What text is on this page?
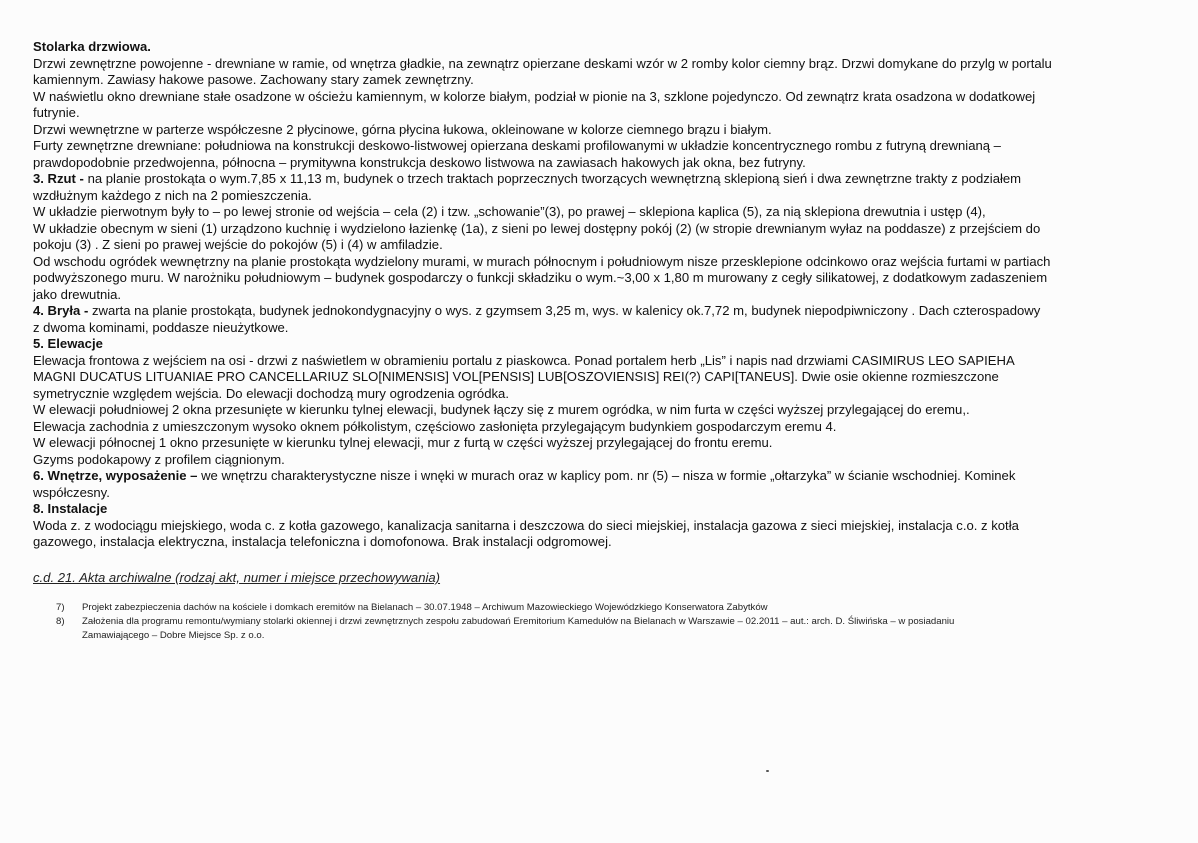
Stolarka drzwiowa.
Drzwi zewnętrzne powojenne - drewniane w ramie, od wnętrza gładkie, na zewnątrz opierzane deskami wzór w 2 romby kolor ciemny brąz. Drzwi domykane do przylg w portalu
kamiennym. Zawiasy hakowe pasowe. Zachowany stary zamek zewnętrzny.
W naświetlu okno drewniane stałe osadzone w ościeżu kamiennym, w kolorze białym, podział w pionie na 3, szklone pojedynczo. Od zewnątrz krata osadzona w dodatkowej
futrynie.
Drzwi wewnętrzne w parterze współczesne 2 płycinowe, górna płycina łukowa, okleinowane w kolorze ciemnego brązu i białym.
Furty zewnętrzne drewniane: południowa na konstrukcji deskowo-listwowej opierzana deskami profilowanymi w układzie koncentrycznego rombu z futryną drewnianą –
prawdopodobnie przedwojenna, północna – prymitywna konstrukcja deskowo listwowa na zawiasach hakowych jak okna, bez futryny.
3. Rzut - na planie prostokąta o wym.7,85 x 11,13 m, budynek o trzech traktach poprzecznych tworzących wewnętrzną sklepioną sień i dwa zewnętrzne trakty z podziałem
wzdłużnym każdego z nich na 2 pomieszczenia.
W układzie pierwotnym były to – po lewej stronie od wejścia – cela (2) i tzw. „schowanie”(3), po prawej – sklepiona kaplica (5), za nią sklepiona drewutnia i ustęp (4),
W układzie obecnym w sieni (1) urządzono kuchnię i wydzielono łazienkę (1a), z sieni po lewej dostępny pokój (2) (w stropie drewnianym wyłaz na poddasze) z przejściem do
pokoju (3) . Z sieni po prawej wejście do pokojów (5) i (4) w amfiladzie.
Od wschodu ogródek wewnętrzny na planie prostokąta wydzielony murami, w murach północnym i południowym nisze przesklepione odcinkowo oraz wejścia furtami w partiach
podwyższonego muru. W narożniku południowym – budynek gospodarczy o funkcji składziku o wym.~3,00 x 1,80 m murowany z cegły silikatowej, z dodatkowym zadaszeniem
jako drewutnia.
4. Bryła - zwarta na planie prostokąta, budynek jednokondygnacyjny o wys. z gzymsem 3,25 m, wys. w kalenicy ok.7,72 m, budynek niepodpiwniczony . Dach czterospadowy
z dwoma kominami, poddasze nieużytkowe.
5. Elewacje
Elewacja frontowa z wejściem na osi - drzwi z naświetlem w obramieniu portalu z piaskowca. Ponad portalem herb „Lis” i napis nad drzwiami CASIMIRUS LEO SAPIEHA
MAGNI DUCATUS LITUANIAE PRO CANCELLARIUZ SLO[NIMENSIS] VOL[PENSIS] LUB[OSZOVIENSIS] REI(?) CAPI[TANEUS]. Dwie osie okienne rozmieszczone
symetrycznie względem wejścia. Do elewacji dochodzą mury ogrodzenia ogródka.
W elewacji południowej 2 okna przesunięte w kierunku tylnej elewacji, budynek łączy się z murem ogródka, w nim furta w części wyższej przylegającej do eremu,.
Elewacja zachodnia z umieszczonym wysoko oknem półkolistym, częściowo zasłonięta przylegającym budynkiem gospodarczym eremu 4.
W elewacji północnej 1 okno przesunięte w kierunku tylnej elewacji, mur z furtą w części wyższej przylegającej do frontu eremu.
Gzyms podokapowy z profilem ciągnionym.
6. Wnętrze, wyposażenie – we wnętrzu charakterystyczne nisze i wnęki w murach oraz w kaplicy pom. nr (5) – nisza w formie „ołtarzyka” w ścianie wschodniej. Kominek
współczesny.
8. Instalacje
Woda z. z wodociągu miejskiego, woda c. z kotła gazowego, kanalizacja sanitarna i deszczowa do sieci miejskiej, instalacja gazowa z sieci miejskiej, instalacja c.o. z kotła
gazowego, instalacja elektryczna, instalacja telefoniczna i domofonowa. Brak instalacji odgromowej.
c.d. 21. Akta archiwalne (rodzaj akt, numer i miejsce przechowywania)
7)	Projekt zabezpieczenia dachów na kościele i domkach eremitów na Bielanach – 30.07.1948 – Archiwum Mazowieckiego Wojewódzkiego Konserwatora Zabytków
8)	Założenia dla programu remontu/wymiany stolarki okiennej i drzwi zewnętrznych zespołu zabudowań Eremitorium Kamedułów na Bielanach w Warszawie – 02.2011 – aut.: arch. D. Śliwińska – w posiadaniu
Zamawiającego – Dobre Miejsce Sp. z o.o.
